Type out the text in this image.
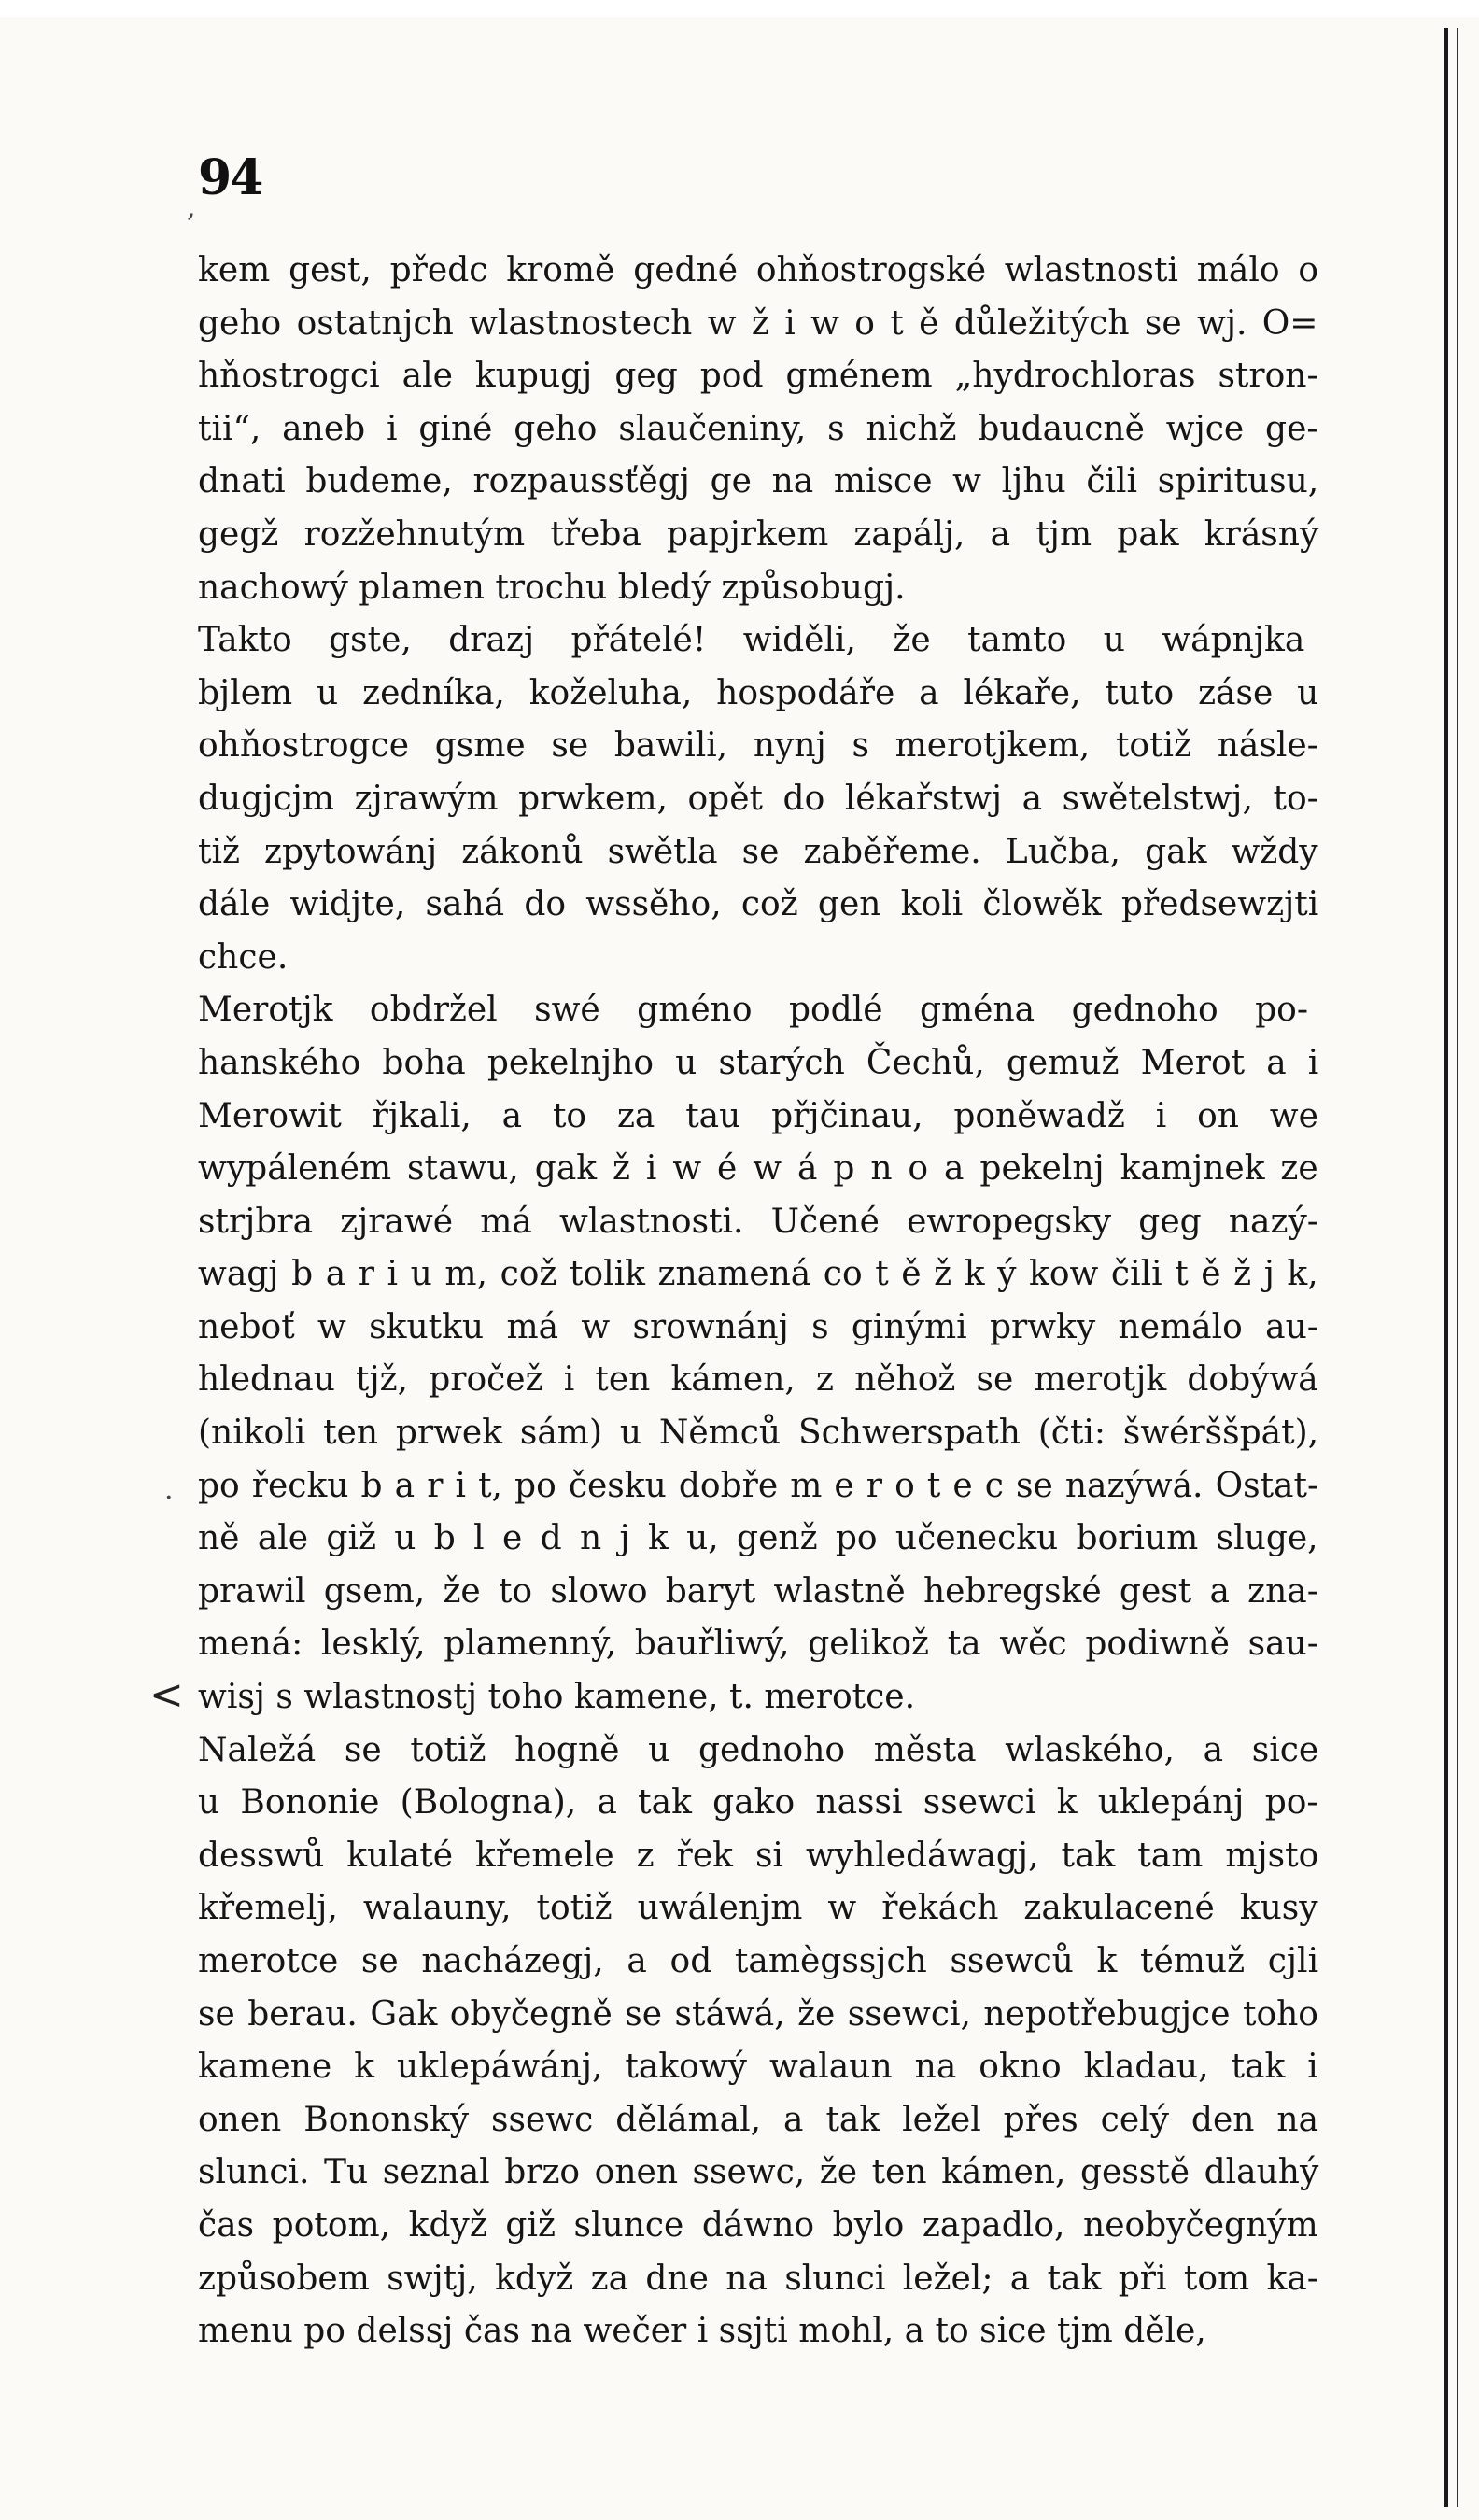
94
<
,
.
kem gest, předc kromě gedné ohňostrogské wlastnosti málo o
geho ostatnjch wlastnostech w ž i w o t ě důležitých se wj. O=
hňostrogci ale kupugj geg pod gménem „hydrochloras stron-
tii“, aneb i giné geho slaučeniny, s nichž budaucně wjce ge-
dnati budeme, rozpaussťěgj ge na misce w ljhu čili spiritusu,
gegž rozžehnutým třeba papjrkem zapálj, a tjm pak krásný
nachowý plamen trochu bledý způsobugj.
Takto gste, drazj přátelé! widěli, že tamto u wápnjka
bjlem u zedníka, koželuha, hospodáře a lékaře, tuto záse u
ohňostrogce gsme se bawili, nynj s merotjkem, totiž násle-
dugjcjm zjrawým prwkem, opět do lékařstwj a swětelstwj, to-
tiž zpytowánj zákonů swětla se zaběřeme. Lučba, gak wždy
dále widjte, sahá do wssěho, což gen koli člowěk předsewzjti
chce.
Merotjk obdržel swé gméno podlé gména gednoho po-
hanského boha pekelnjho u starých Čechů, gemuž Merot a i
Merowit řjkali, a to za tau přjčinau, poněwadž i on we
wypáleném stawu, gak ž i w é w á p n o a pekelnj kamjnek ze
strjbra zjrawé má wlastnosti. Učené ewropegsky geg nazý-
wagj b a r i u m, což tolik znamená co t ě ž k ý kow čili t ě ž j k,
neboť w skutku má w srownánj s ginými prwky nemálo au-
hlednau tjž, pročež i ten kámen, z něhož se merotjk dobýwá
(nikoli ten prwek sám) u Němců Schwerspath (čti: šwérššpát),
po řecku b a r i t, po česku dobře m e r o t e c se nazýwá. Ostat-
ně ale giž u b l e d n j k u, genž po učenecku borium sluge,
prawil gsem, že to slowo baryt wlastně hebregské gest a zna-
mená: lesklý, plamenný, bauřliwý, gelikož ta wěc podiwně sau-
wisj s wlastnostj toho kamene, t. merotce.
Naležá se totiž hogně u gednoho města wlaského, a sice
u Bononie (Bologna), a tak gako nassi ssewci k uklepánj po-
desswů kulaté křemele z řek si wyhledáwagj, tak tam mjsto
křemelj, walauny, totiž uwálenjm w řekách zakulacené kusy
merotce se nacházegj, a od tamègssjch ssewců k témuž cjli
se berau. Gak obyčegně se stáwá, že ssewci, nepotřebugjce toho
kamene k uklepáwánj, takowý walaun na okno kladau, tak i
onen Bononský ssewc dělámal, a tak ležel přes celý den na
slunci. Tu seznal brzo onen ssewc, že ten kámen, gesstě dlauhý
čas potom, když giž slunce dáwno bylo zapadlo, neobyčegným
způsobem swjtj, když za dne na slunci ležel; a tak při tom ka-
menu po delssj čas na wečer i ssjti mohl, a to sice tjm děle,
